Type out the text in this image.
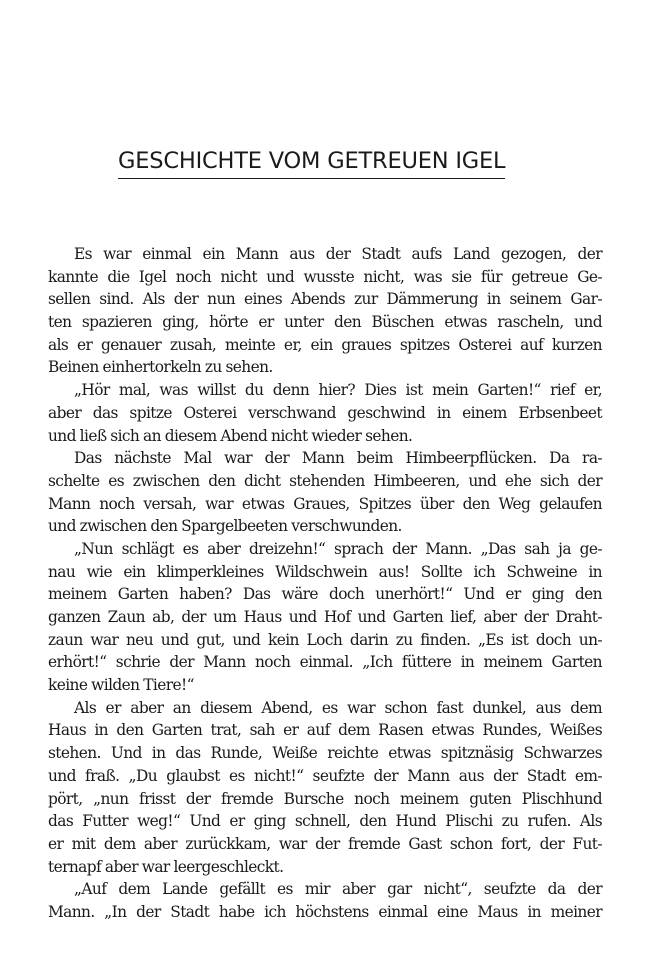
GESCHICHTE VOM GETREUEN IGEL
Es war einmal ein Mann aus der Stadt aufs Land gezogen, der
kannte die Igel noch nicht und wusste nicht, was sie für getreue Ge-
sellen sind. Als der nun eines Abends zur Dämmerung in seinem Gar-
ten spazieren ging, hörte er unter den Büschen etwas rascheln, und
als er genauer zusah, meinte er, ein graues spitzes Osterei auf kurzen
Beinen einhertorkeln zu sehen.
„Hör mal, was willst du denn hier? Dies ist mein Garten!“ rief er,
aber das spitze Osterei verschwand geschwind in einem Erbsenbeet
und ließ sich an diesem Abend nicht wieder sehen.
Das nächste Mal war der Mann beim Himbeerpflücken. Da ra-
schelte es zwischen den dicht stehenden Himbeeren, und ehe sich der
Mann noch versah, war etwas Graues, Spitzes über den Weg gelaufen
und zwischen den Spargelbeeten verschwunden.
„Nun schlägt es aber dreizehn!“ sprach der Mann. „Das sah ja ge-
nau wie ein klimperkleines Wildschwein aus! Sollte ich Schweine in
meinem Garten haben? Das wäre doch unerhört!“ Und er ging den
ganzen Zaun ab, der um Haus und Hof und Garten lief, aber der Draht-
zaun war neu und gut, und kein Loch darin zu finden. „Es ist doch un-
erhört!“ schrie der Mann noch einmal. „Ich füttere in meinem Garten
keine wilden Tiere!“
Als er aber an diesem Abend, es war schon fast dunkel, aus dem
Haus in den Garten trat, sah er auf dem Rasen etwas Rundes, Weißes
stehen. Und in das Runde, Weiße reichte etwas spitznäsig Schwarzes
und fraß. „Du glaubst es nicht!“ seufzte der Mann aus der Stadt em-
pört, „nun frisst der fremde Bursche noch meinem guten Plischhund
das Futter weg!“ Und er ging schnell, den Hund Plischi zu rufen. Als
er mit dem aber zurückkam, war der fremde Gast schon fort, der Fut-
ternapf aber war leergeschleckt.
„Auf dem Lande gefällt es mir aber gar nicht“, seufzte da der
Mann. „In der Stadt habe ich höchstens einmal eine Maus in meiner
